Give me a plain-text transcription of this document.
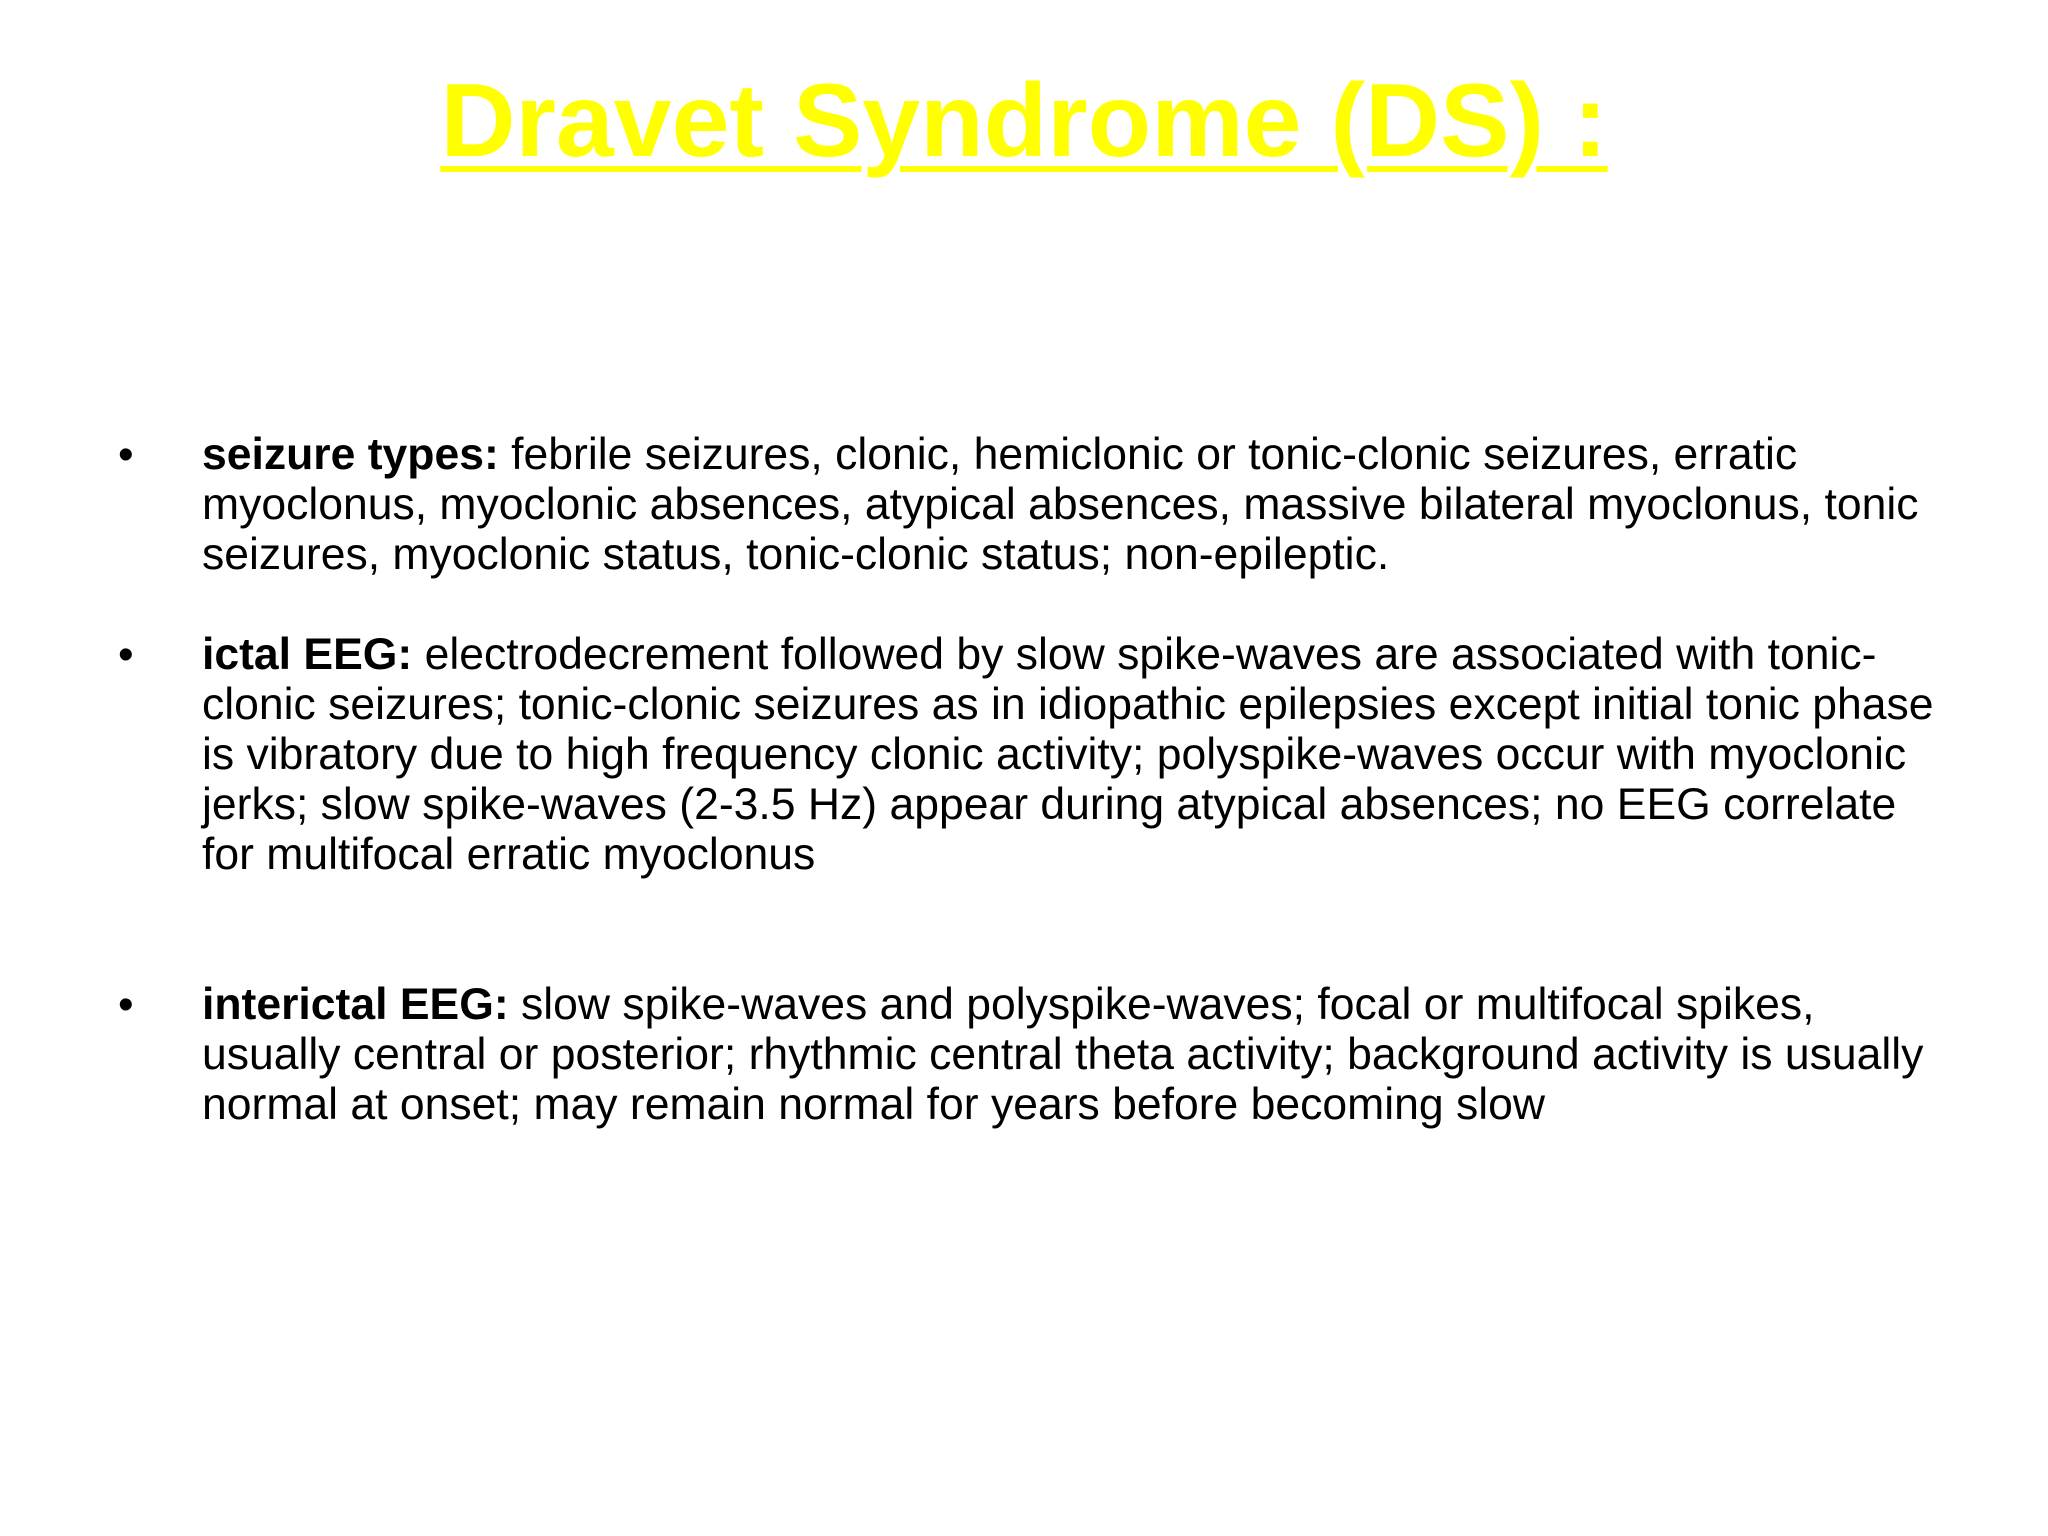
Dravet Syndrome (DS) :
•	seizure types: febrile seizures, clonic, hemiclonic or tonic-clonic seizures, erratic myoclonus, myoclonic absences, atypical absences, massive bilateral myoclonus, tonic seizures, myoclonic status, tonic-clonic status; non-epileptic.
•	ictal EEG: electrodecrement followed by slow spike-waves are associated with tonic-clonic seizures; tonic-clonic seizures as in idiopathic epilepsies except initial tonic phase is vibratory due to high frequency clonic activity; polyspike-waves occur with myoclonic jerks; slow spike-waves (2-3.5 Hz) appear during atypical absences; no EEG correlate for multifocal erratic myoclonus
•	interictal EEG: slow spike-waves and polyspike-waves; focal or multifocal spikes, usually central or posterior; rhythmic central theta activity; background activity is usually normal at onset; may remain normal for years before becoming slow
